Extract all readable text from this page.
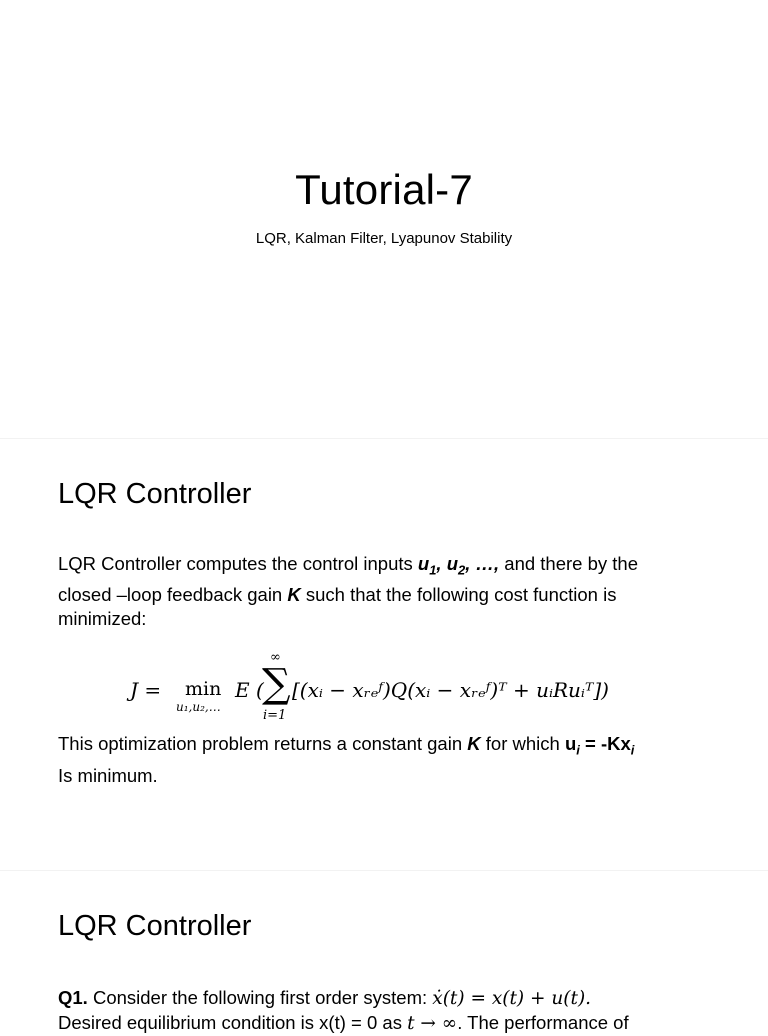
Tutorial-7
LQR, Kalman Filter, Lyapunov Stability
LQR Controller
LQR Controller computes the control inputs $u_1$, $u_2$, …, and there by the
closed –loop feedback gain K such that the following cost function is
minimized:
J = min
u₁,u₂,…
E (
∞
∑
i=1
[(xᵢ − xᵣₑᶠ)Q(xᵢ − xᵣₑᶠ)ᵀ + uᵢRuᵢᵀ])
This optimization problem returns a constant gain K for which $u_i = -Kx_i$
Is minimum.
LQR Controller
Q1. Consider the following first order system: ẋ(t) = x(t) + u(t).
Desired equilibrium condition is x(t) = 0 as t → ∞. The performance of
